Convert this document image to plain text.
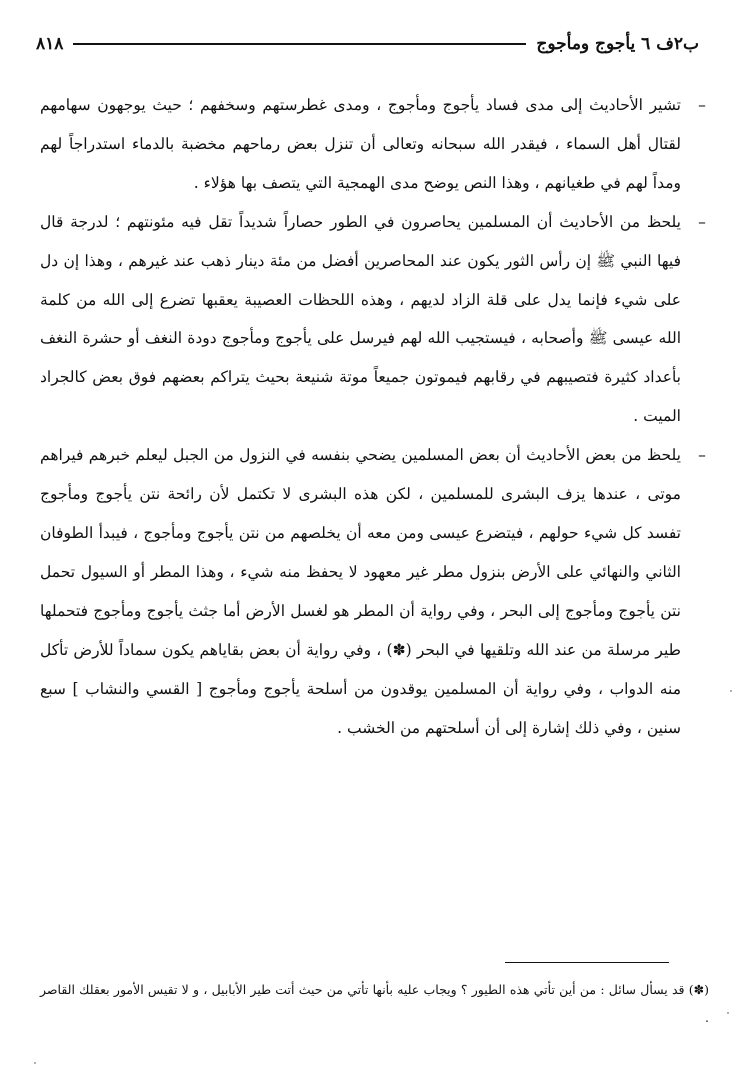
ب٢ف ٦ يأجوج ومأجوج
٨١٨

–
تشير الأحاديث إلى مدى فساد يأجوج ومأجوج ، ومدى غطرستهم وسخفهم ؛ حيث يوجهون سهامهم لقتال أهل السماء ، فيقدر الله سبحانه وتعالى أن تنزل بعض رماحهم مخضبة بالدماء استدراجاً لهم ومداً لهم في طغيانهم ، وهذا النص يوضح مدى الهمجية التي يتصف بها هؤلاء .

–
يلحظ من الأحاديث أن المسلمين يحاصرون في الطور حصاراً شديداً تقل فيه مئونتهم ؛ لدرجة قال فيها النبي ﷺ إن رأس الثور يكون عند المحاصرين أفضل من مئة دينار ذهب عند غيرهم ، وهذا إن دل على شيء فإنما يدل على قلة الزاد لديهم ، وهذه اللحظات العصيبة يعقبها تضرع إلى الله من كلمة الله عيسى ﷺ وأصحابه ، فيستجيب الله لهم فيرسل على يأجوج ومأجوج دودة النغف أو حشرة النغف بأعداد كثيرة فتصيبهم في رقابهم فيموتون جميعاً موتة شنيعة بحيث يتراكم بعضهم فوق بعض كالجراد الميت .

–
يلحظ من بعض الأحاديث أن بعض المسلمين يضحي بنفسه في النزول من الجبل ليعلم خبرهم فيراهم موتى ، عندها يزف البشرى للمسلمين ، لكن هذه البشرى لا تكتمل لأن رائحة نتن يأجوج ومأجوج تفسد كل شيء حولهم ، فيتضرع عيسى ومن معه أن يخلصهم من نتن يأجوج ومأجوج ، فيبدأ الطوفان الثاني والنهائي على الأرض بنزول مطر غير معهود لا يحفظ منه شيء ، وهذا المطر أو السيول تحمل نتن يأجوج ومأجوج إلى البحر ، وفي رواية أن المطر هو لغسل الأرض أما جثث يأجوج ومأجوج فتحملها طير مرسلة من عند الله وتلقيها في البحر (✽) ، وفي رواية أن بعض بقاياهم يكون سماداً للأرض تأكل منه الدواب ، وفي رواية أن المسلمين يوقدون من أسلحة يأجوج ومأجوج [ القسي والنشاب ] سبع سنين ، وفي ذلك إشارة إلى أن أسلحتهم من الخشب .

(✽) قد يسأل سائل : من أين تأتي هذه الطيور ؟ ويجاب عليه بأنها تأتي من حيث أتت طير الأبابيل ، و لا تقيس الأمور بعقلك القاصر .
